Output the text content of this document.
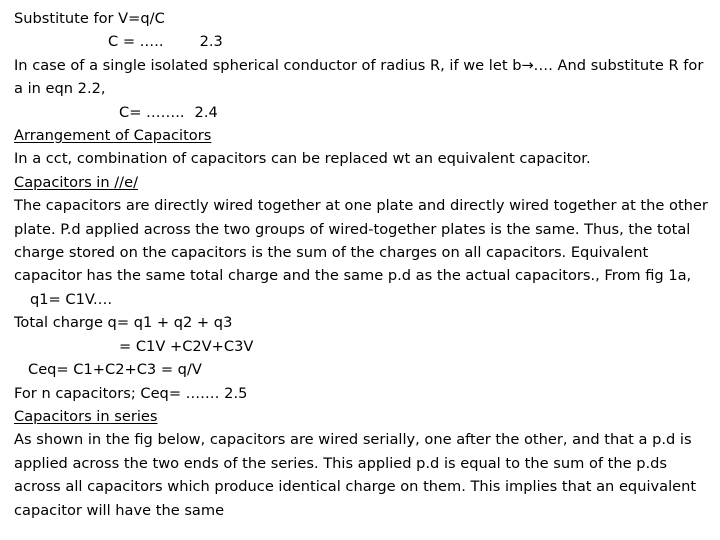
Substitute for V=q/C
C = .…. 2.3
In case of a single isolated spherical conductor of radius R, if we let b→.… And substitute R for a in eqn 2.2,
C= …….. 2.4
Arrangement of Capacitors
In a cct, combination of capacitors can be replaced wt an equivalent capacitor.
Capacitors in //e/
The capacitors are directly wired together at one plate and directly wired together at the other plate. P.d applied across the two groups of wired-together plates is the same. Thus, the total charge stored on the capacitors is the sum of the charges on all capacitors. Equivalent capacitor has the same total charge and the same p.d as the actual capacitors., From fig 1a,
q1= C1V.…
Total charge q= q1 + q2 + q3
= C1V +C2V+C3V
Ceq= C1+C2+C3 = q/V
For n capacitors; Ceq= .…… 2.5
Capacitors in series
As shown in the fig below, capacitors are wired serially, one after the other, and that a p.d is applied across the two ends of the series. This applied p.d is equal to the sum of the p.ds across all capacitors which produce identical charge on them. This implies that an equivalent capacitor will have the same
